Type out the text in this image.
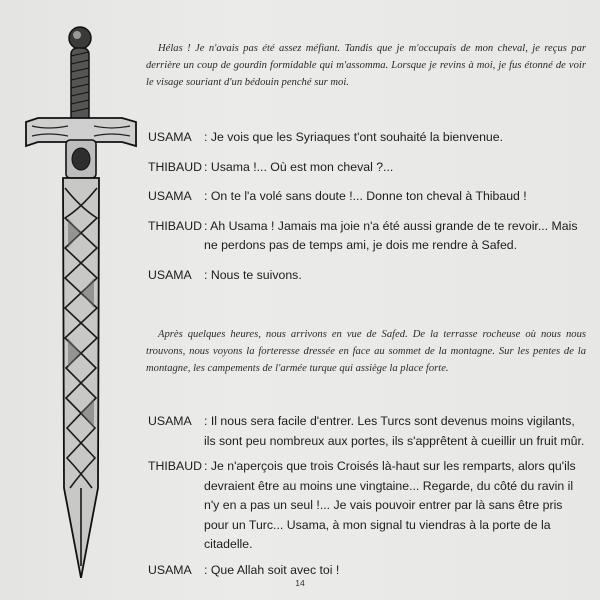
Hélas ! Je n'avais pas été assez méfiant. Tandis que je m'occupais de mon cheval, je reçus par derrière un coup de gourdin formidable qui m'assomma. Lorsque je revins à moi, je fus étonné de voir le visage souriant d'un bédouin penché sur moi.

USAMA : Je vois que les Syriaques t'ont souhaité la bienvenue.
THIBAUD : Usama !... Où est mon cheval ?...
USAMA : On te l'a volé sans doute !... Donne ton cheval à Thibaud !
THIBAUD : Ah Usama ! Jamais ma joie n'a été aussi grande de te revoir... Mais ne perdons pas de temps ami, je dois me rendre à Safed.
USAMA : Nous te suivons.

Après quelques heures, nous arrivons en vue de Safed. De la terrasse rocheuse où nous nous trouvons, nous voyons la forteresse dressée en face au sommet de la montagne. Sur les pentes de la montagne, les campements de l'armée turque qui assiège la place forte.

USAMA : Il nous sera facile d'entrer. Les Turcs sont devenus moins vigilants, ils sont peu nombreux aux portes, ils s'apprêtent à cueillir un fruit mûr.
THIBAUD : Je n'aperçois que trois Croisés là-haut sur les remparts, alors qu'ils devraient être au moins une vingtaine... Regarde, du côté du ravin il n'y en a pas un seul !... Je vais pouvoir entrer par là sans être pris pour un Turc... Usama, à mon signal tu viendras à la porte de la citadelle.
USAMA : Que Allah soit avec toi !
14
